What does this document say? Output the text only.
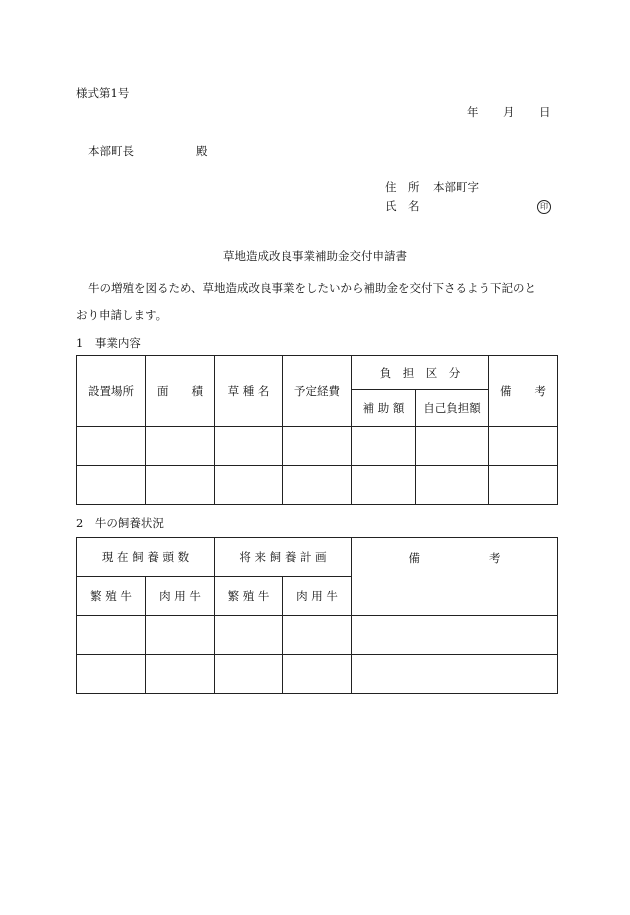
様式第1号
年 月 日
本部町長	殿
住　所 本部町字
氏　名	印
草地造成改良事業補助金交付申請書
牛の増殖を図るため、草地造成改良事業をしたいから補助金を交付下さるよう下記のと
おり申請します。
1　事業内容
設置場所	面　　積	草 種 名	予定経費	負　担　区　分		備　　考
				補 助 額	自己負担額	

2　牛の飼養状況
現 在 飼 養 頭 数		将 来 飼 養 計 画		備　　　　　　考
繁 殖 牛	肉 用 牛	繁 殖 牛	肉 用 牛	
